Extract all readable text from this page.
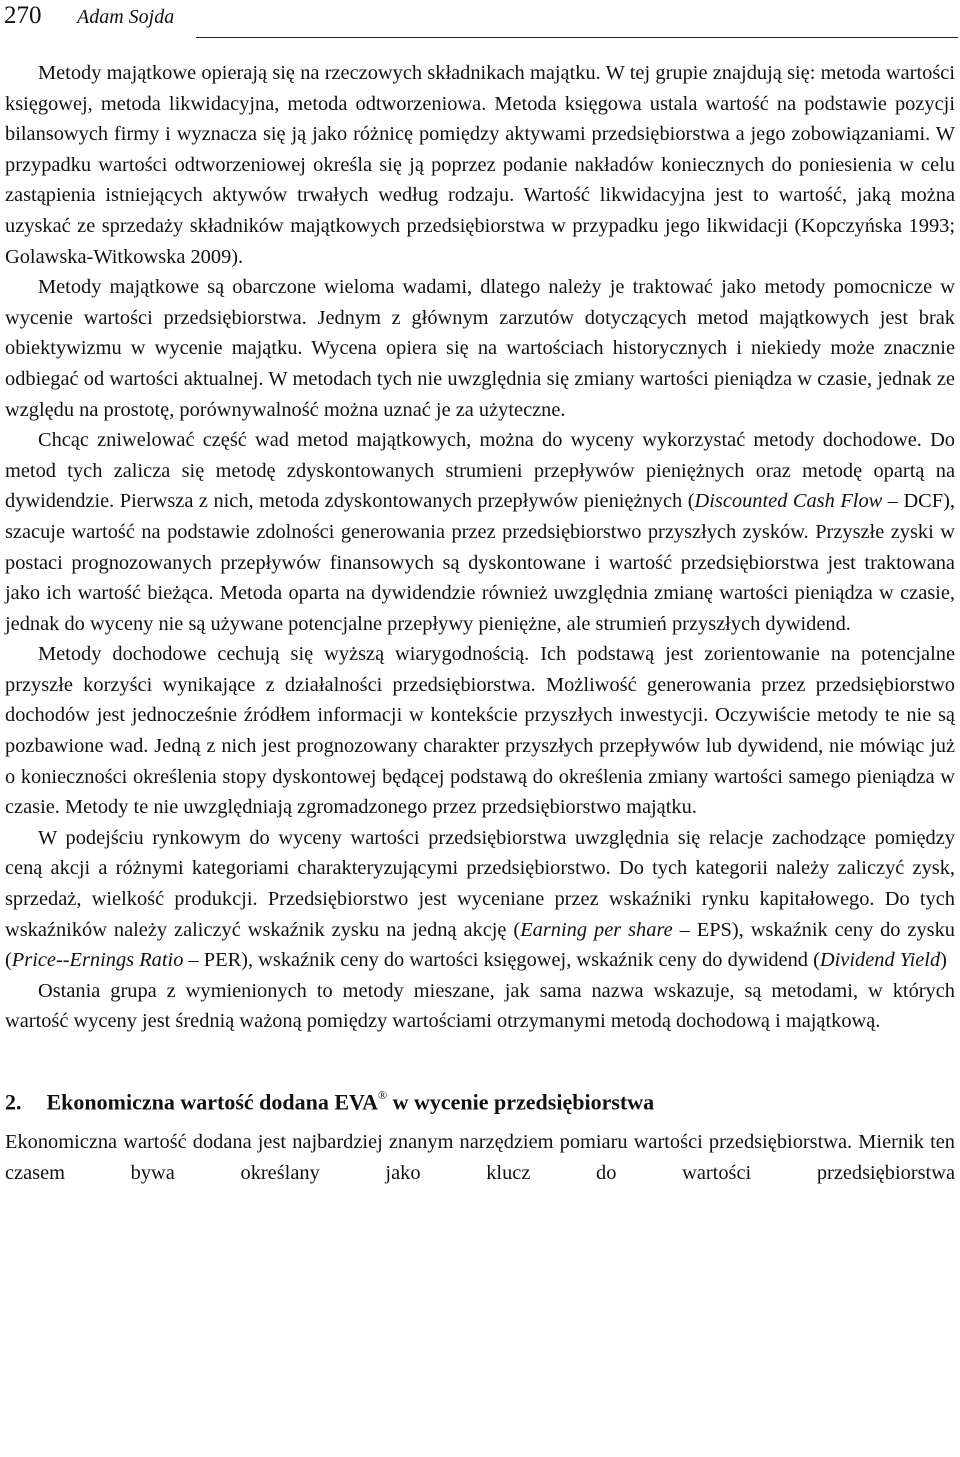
270 Adam Sojda

Metody majątkowe opierają się na rzeczowych składnikach majątku. W tej grupie znajdują się: metoda wartości księgowej, metoda likwidacyjna, metoda odtworzeniowa. Metoda księgowa ustala wartość na podstawie pozycji bilansowych firmy i wyznacza się ją jako różnicę pomiędzy aktywami przedsiębiorstwa a jego zobowiązaniami. W przypadku wartości odtworzeniowej określa się ją poprzez podanie nakładów koniecznych do poniesienia w celu zastąpienia istniejących aktywów trwałych według rodzaju. Wartość likwidacyjna jest to wartość, jaką można uzyskać ze sprzedaży składników majątkowych przedsiębiorstwa w przypadku jego likwidacji (Kopczyńska 1993; Golawska-Witkowska 2009).

Metody majątkowe są obarczone wieloma wadami, dlatego należy je traktować jako metody pomocnicze w wycenie wartości przedsiębiorstwa. Jednym z głównym zarzutów dotyczących metod majątkowych jest brak obiektywizmu w wycenie majątku. Wycena opiera się na wartościach historycznych i niekiedy może znacznie odbiegać od wartości aktualnej. W metodach tych nie uwzględnia się zmiany wartości pieniądza w czasie, jednak ze względu na prostotę, porównywalność można uznać je za użyteczne.

Chcąc zniwelować część wad metod majątkowych, można do wyceny wykorzystać metody dochodowe. Do metod tych zalicza się metodę zdyskontowanych strumieni przepływów pieniężnych oraz metodę opartą na dywidendzie. Pierwsza z nich, metoda zdyskontowanych przepływów pieniężnych (Discounted Cash Flow – DCF), szacuje wartość na podstawie zdolności generowania przez przedsiębiorstwo przyszłych zysków. Przyszłe zyski w postaci prognozowanych przepływów finansowych są dyskontowane i wartość przedsiębiorstwa jest traktowana jako ich wartość bieżąca. Metoda oparta na dywidendzie również uwzględnia zmianę wartości pieniądza w czasie, jednak do wyceny nie są używane potencjalne przepływy pieniężne, ale strumień przyszłych dywidend.

Metody dochodowe cechują się wyższą wiarygodnością. Ich podstawą jest zorientowanie na potencjalne przyszłe korzyści wynikające z działalności przedsiębiorstwa. Możliwość generowania przez przedsiębiorstwo dochodów jest jednocześnie źródłem informacji w kontekście przyszłych inwestycji. Oczywiście metody te nie są pozbawione wad. Jedną z nich jest prognozowany charakter przyszłych przepływów lub dywidend, nie mówiąc już o konieczności określenia stopy dyskontowej będącej podstawą do określenia zmiany wartości samego pieniądza w czasie. Metody te nie uwzględniają zgromadzonego przez przedsiębiorstwo majątku.

W podejściu rynkowym do wyceny wartości przedsiębiorstwa uwzględnia się relacje zachodzące pomiędzy ceną akcji a różnymi kategoriami charakteryzującymi przedsiębiorstwo. Do tych kategorii należy zaliczyć zysk, sprzedaż, wielkość produkcji. Przedsiębiorstwo jest wyceniane przez wskaźniki rynku kapitałowego. Do tych wskaźników należy zaliczyć wskaźnik zysku na jedną akcję (Earning per share – EPS), wskaźnik ceny do zysku (Price--Ernings Ratio – PER), wskaźnik ceny do wartości księgowej, wskaźnik ceny do dywidend (Dividend Yield)

Ostania grupa z wymienionych to metody mieszane, jak sama nazwa wskazuje, są metodami, w których wartość wyceny jest średnią ważoną pomiędzy wartościami otrzymanymi metodą dochodową i majątkową.

2. Ekonomiczna wartość dodana EVA® w wycenie przedsiębiorstwa

Ekonomiczna wartość dodana jest najbardziej znanym narzędziem pomiaru wartości przedsiębiorstwa. Miernik ten czasem bywa określany jako klucz do wartości przedsiębiorstwa
